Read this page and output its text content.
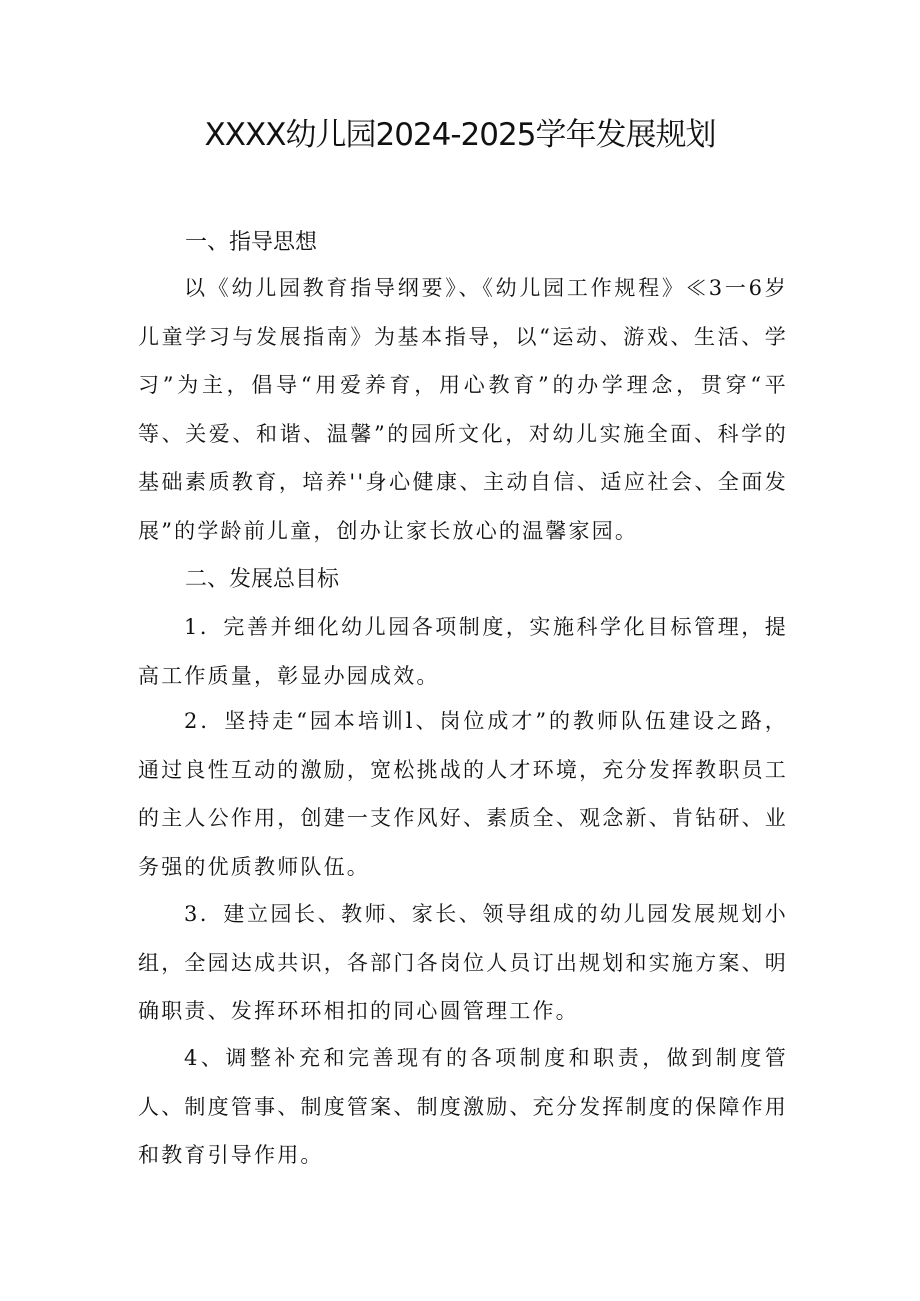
XXXX幼儿园2024-2025学年发展规划
一、指导思想

以《幼儿园教育指导纲要》、《幼儿园工作规程》≪3一6岁儿童学习与发展指南》为基本指导，以“运动、游戏、生活、学习”为主，倡导“用爱养育，用心教育”的办学理念，贯穿“平等、关爱、和谐、温馨”的园所文化，对幼儿实施全面、科学的基础素质教育，培养''身心健康、主动自信、适应社会、全面发展”的学龄前儿童，创办让家长放心的温馨家园。

二、发展总目标

1．完善并细化幼儿园各项制度，实施科学化目标管理，提高工作质量，彰显办园成效。

2．坚持走“园本培训l、岗位成才”的教师队伍建设之路，通过良性互动的激励，宽松挑战的人才环境，充分发挥教职员工的主人公作用，创建一支作风好、素质全、观念新、肯钻研、业务强的优质教师队伍。

3．建立园长、教师、家长、领导组成的幼儿园发展规划小组，全园达成共识，各部门各岗位人员订出规划和实施方案、明确职责、发挥环环相扣的同心圆管理工作。

4、调整补充和完善现有的各项制度和职责，做到制度管人、制度管事、制度管案、制度激励、充分发挥制度的保障作用和教育引导作用。
